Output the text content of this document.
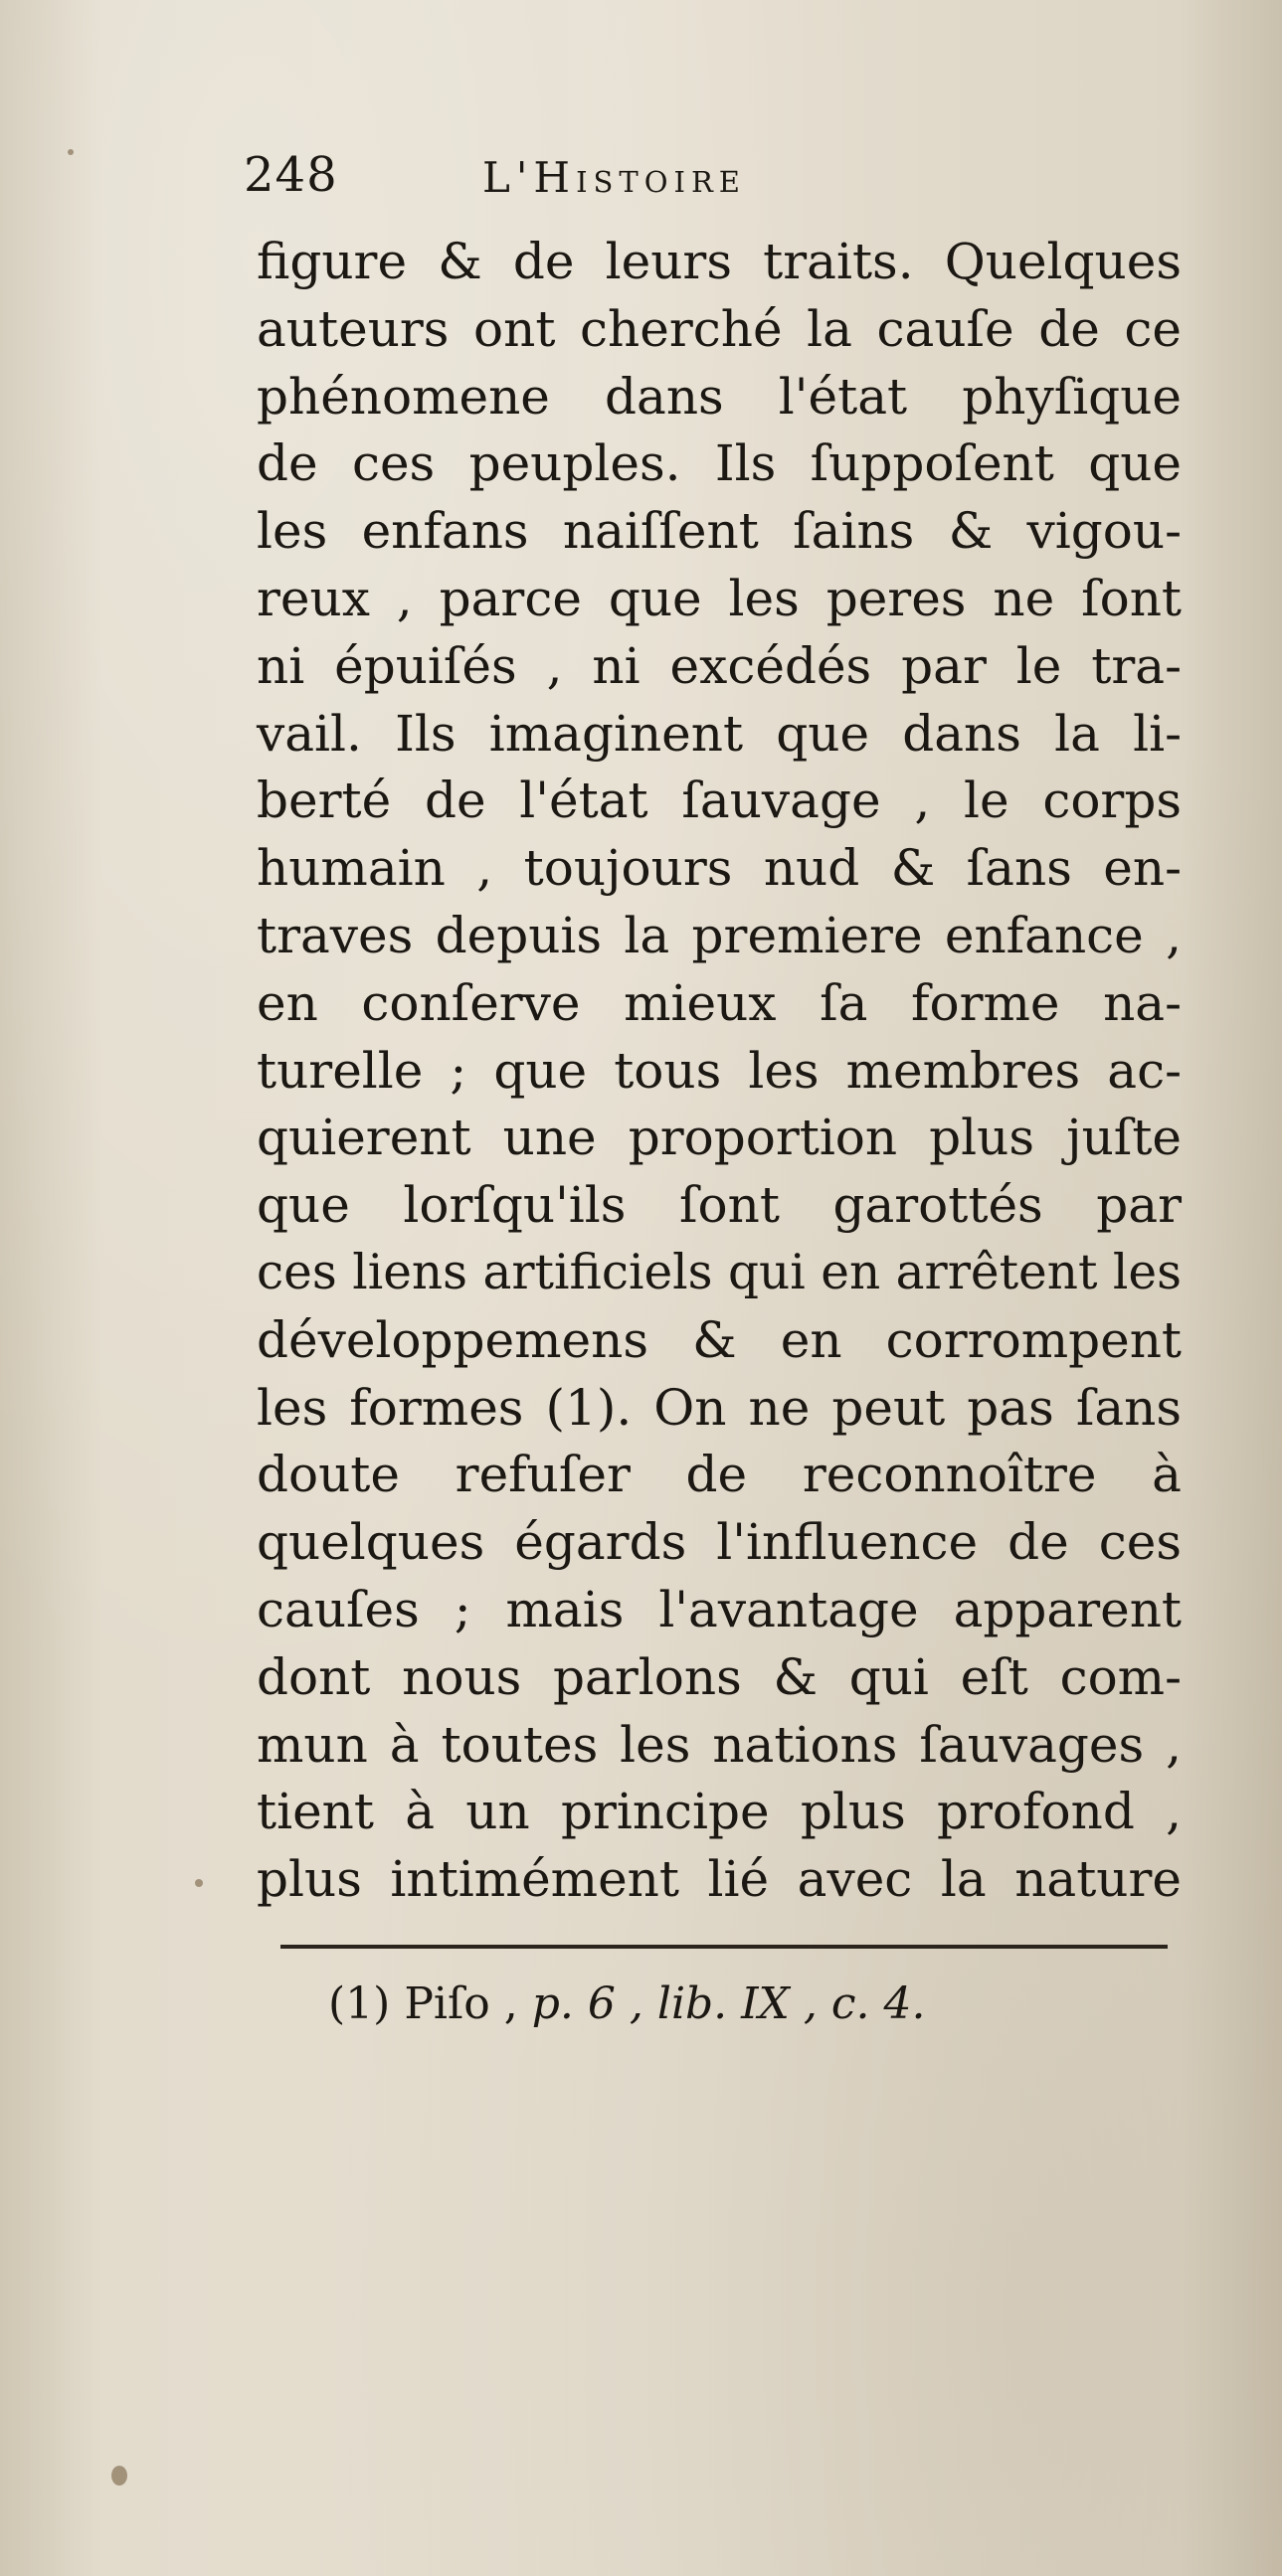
248	L'Histoire
figure & de leurs traits. Quelques
auteurs ont cherché la cauſe de ce
phénomene dans l'état phyſique
de ces peuples. Ils ſuppoſent que
les enfans naiſſent ſains & vigou-
reux , parce que les peres ne ſont
ni épuiſés , ni excédés par le tra-
vail. Ils imaginent que dans la li-
berté de l'état ſauvage , le corps
humain , toujours nud & ſans en-
traves depuis la premiere enfance ,
en conſerve mieux ſa forme na-
turelle ; que tous les membres ac-
quierent une proportion plus juſte
que lorſqu'ils ſont garottés par
ces liens artificiels qui en arrêtent les
développemens & en corrompent
les formes (1). On ne peut pas ſans
doute refuſer de reconnoître à
quelques égards l'influence de ces
cauſes ; mais l'avantage apparent
dont nous parlons & qui eſt com-
mun à toutes les nations ſauvages ,
tient à un principe plus profond ,
plus intimément lié avec la nature
(1) Piſo , p. 6 , lib. IX , c. 4.
